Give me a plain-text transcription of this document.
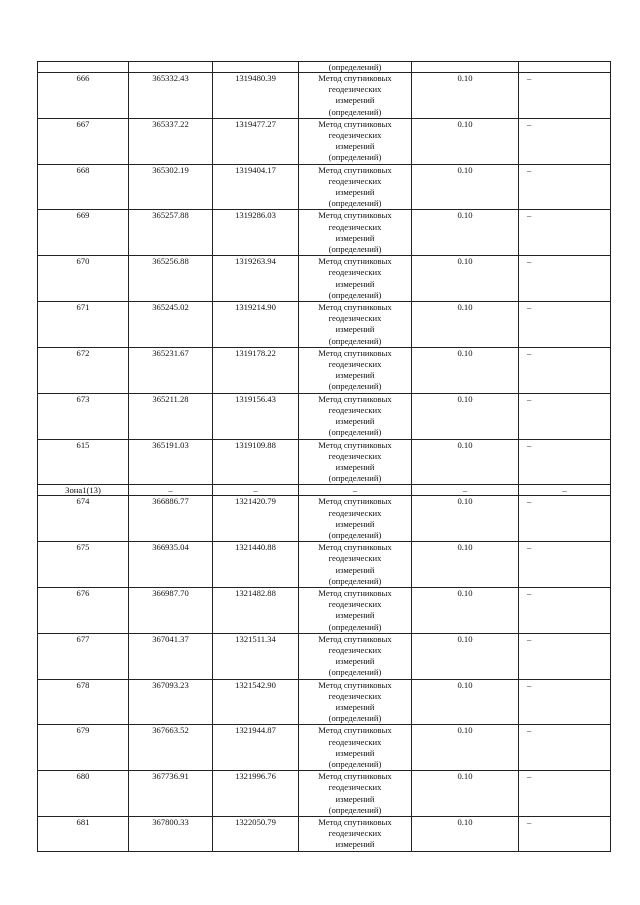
			(определений)		
666	365332.43	1319480.39	Метод спутниковых
геодезических
измерений
(определений)	0.10	–
667	365337.22	1319477.27	Метод спутниковых
геодезических
измерений
(определений)	0.10	–
668	365302.19	1319404.17	Метод спутниковых
геодезических
измерений
(определений)	0.10	–
669	365257.88	1319286.03	Метод спутниковых
геодезических
измерений
(определений)	0.10	–
670	365256.88	1319263.94	Метод спутниковых
геодезических
измерений
(определений)	0.10	–
671	365245.02	1319214.90	Метод спутниковых
геодезических
измерений
(определений)	0.10	–
672	365231.67	1319178.22	Метод спутниковых
геодезических
измерений
(определений)	0.10	–
673	365211.28	1319156.43	Метод спутниковых
геодезических
измерений
(определений)	0.10	–
615	365191.03	1319109.88	Метод спутниковых
геодезических
измерений
(определений)	0.10	–
Зона1(13)	–	–	–	–	–
674	366886.77	1321420.79	Метод спутниковых
геодезических
измерений
(определений)	0.10	–
675	366935.04	1321440.88	Метод спутниковых
геодезических
измерений
(определений)	0.10	–
676	366987.70	1321482.88	Метод спутниковых
геодезических
измерений
(определений)	0.10	–
677	367041.37	1321511.34	Метод спутниковых
геодезических
измерений
(определений)	0.10	–
678	367093.23	1321542.90	Метод спутниковых
геодезических
измерений
(определений)	0.10	–
679	367663.52	1321944.87	Метод спутниковых
геодезических
измерений
(определений)	0.10	–
680	367736.91	1321996.76	Метод спутниковых
геодезических
измерений
(определений)	0.10	–
681	367800.33	1322050.79	Метод спутниковых
геодезических
измерений	0.10	–
